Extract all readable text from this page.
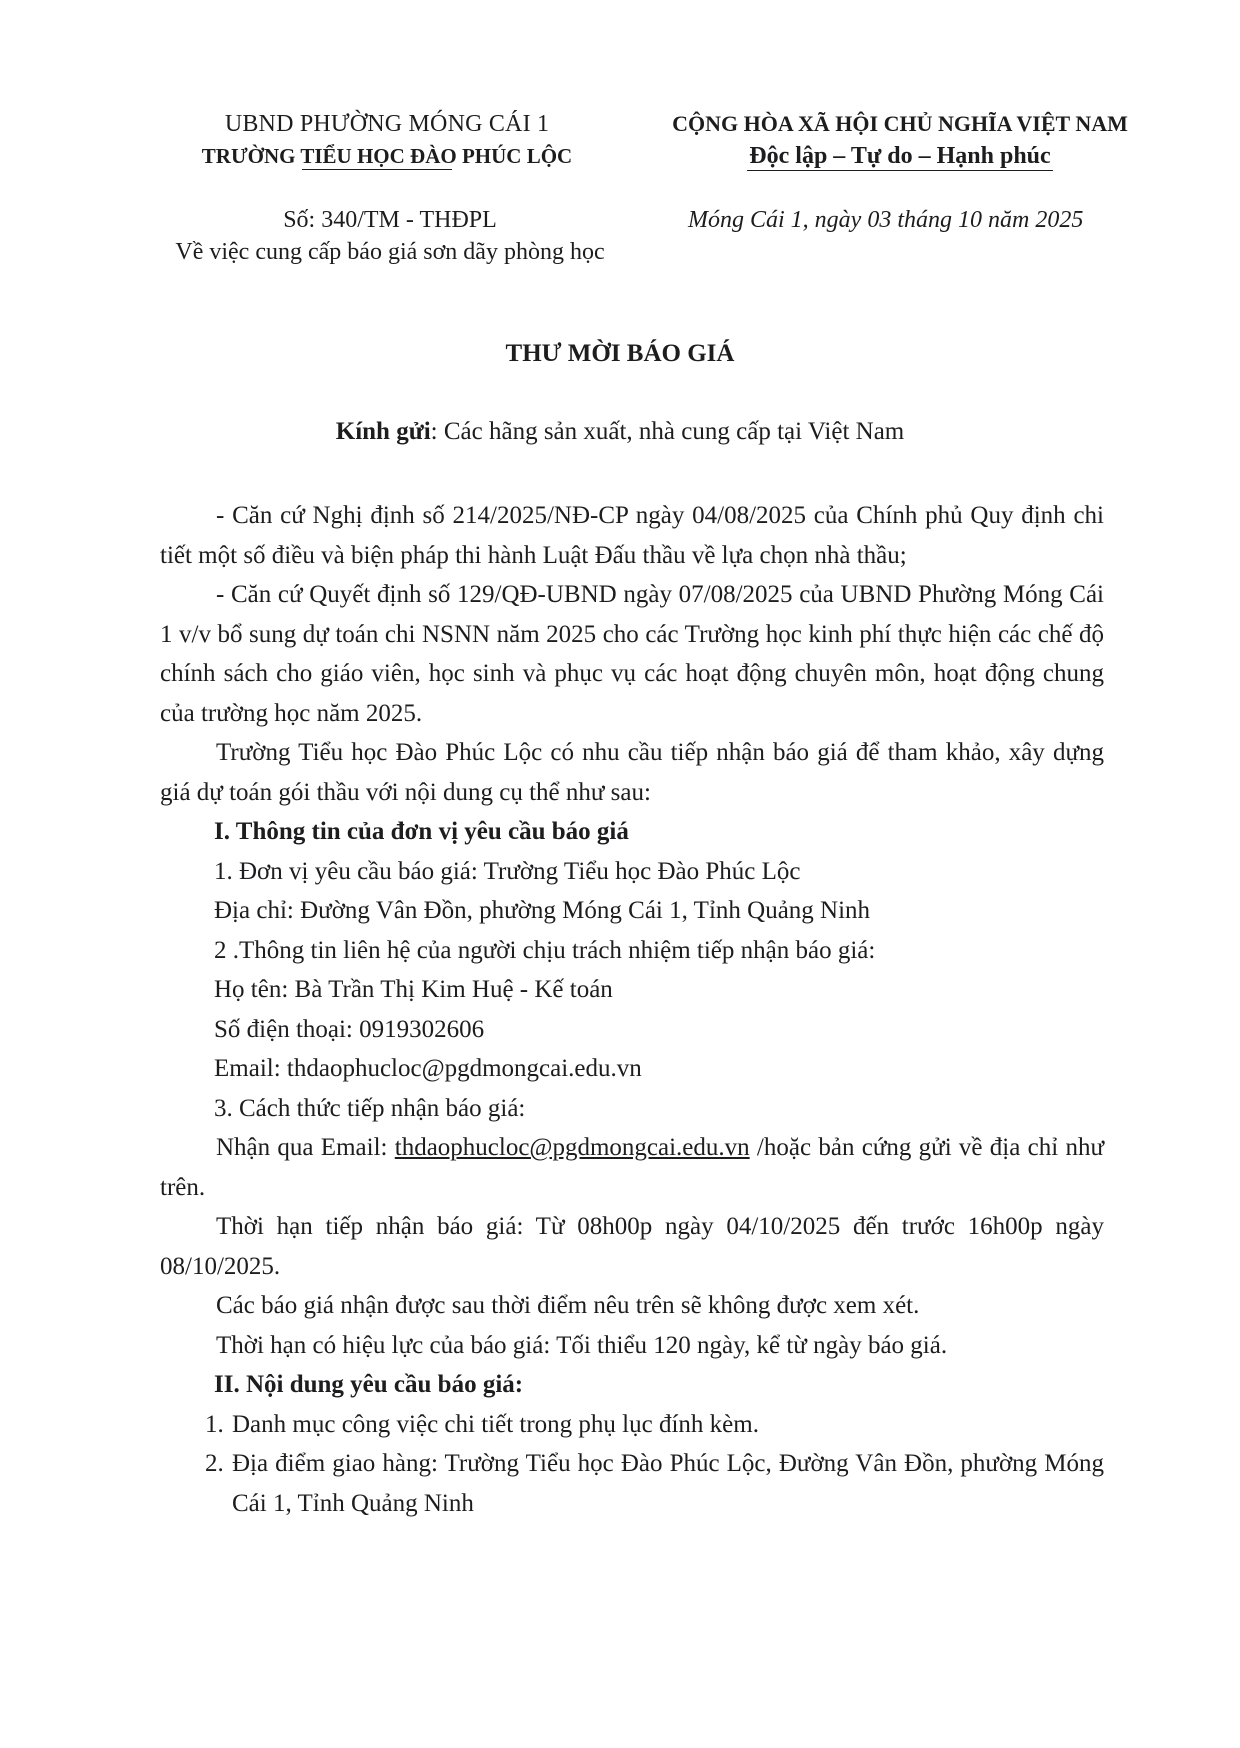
UBND PHƯỜNG MÓNG CÁI 1
TRƯỜNG TIỂU HỌC ĐÀO PHÚC LỘC
CỘNG HÒA XÃ HỘI CHỦ NGHĨA VIỆT NAM
Độc lập – Tự do – Hạnh phúc
Số: 340/TM - THĐPL
Về việc cung cấp báo giá sơn dãy phòng học
Móng Cái 1, ngày 03 tháng 10 năm 2025
THƯ MỜI BÁO GIÁ
Kính gửi: Các hãng sản xuất, nhà cung cấp tại Việt Nam

- Căn cứ Nghị định số 214/2025/NĐ-CP ngày 04/08/2025 của Chính phủ Quy định chi tiết một số điều và biện pháp thi hành Luật Đấu thầu về lựa chọn nhà thầu;

- Căn cứ Quyết định số 129/QĐ-UBND ngày 07/08/2025 của UBND Phường Móng Cái 1 v/v bổ sung dự toán chi NSNN năm 2025 cho các Trường học kinh phí thực hiện các chế độ chính sách cho giáo viên, học sinh và phục vụ các hoạt động chuyên môn, hoạt động chung của trường học năm 2025.

Trường Tiểu học Đào Phúc Lộc có nhu cầu tiếp nhận báo giá để tham khảo, xây dựng giá dự toán gói thầu với nội dung cụ thể như sau:

I. Thông tin của đơn vị yêu cầu báo giá

1. Đơn vị yêu cầu báo giá: Trường Tiểu học Đào Phúc Lộc

Địa chỉ: Đường Vân Đồn, phường Móng Cái 1, Tỉnh Quảng Ninh

2 .Thông tin liên hệ của người chịu trách nhiệm tiếp nhận báo giá:

Họ tên: Bà Trần Thị Kim Huệ - Kế toán

Số điện thoại: 0919302606

Email: thdaophucloc@pgdmongcai.edu.vn

3. Cách thức tiếp nhận báo giá:

Nhận qua Email: thdaophucloc@pgdmongcai.edu.vn /hoặc bản cứng gửi về địa chỉ như trên.

Thời hạn tiếp nhận báo giá: Từ 08h00p ngày 04/10/2025 đến trước 16h00p ngày 08/10/2025.

Các báo giá nhận được sau thời điểm nêu trên sẽ không được xem xét.

Thời hạn có hiệu lực của báo giá: Tối thiểu 120 ngày, kể từ ngày báo giá.

II. Nội dung yêu cầu báo giá:

1. Danh mục công việc chi tiết trong phụ lục đính kèm.
2. Địa điểm giao hàng: Trường Tiểu học Đào Phúc Lộc, Đường Vân Đồn, phường Móng Cái 1, Tỉnh Quảng Ninh
